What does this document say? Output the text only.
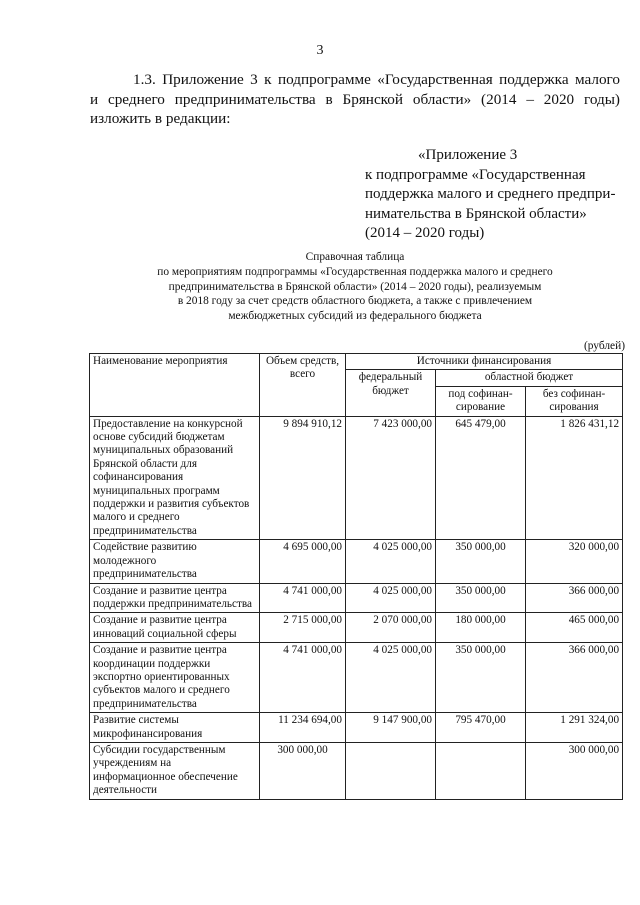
3
1.3. Приложение 3 к подпрограмме «Государственная поддержка малого
и среднего предпринимательства в Брянской области» (2014 – 2020 годы)
изложить в редакции:
«Приложение 3
к подпрограмме «Государственная
поддержка малого и среднего предпри-
нимательства в Брянской области»
(2014 – 2020 годы)
Справочная таблица
по мероприятиям подпрограммы «Государственная поддержка малого и среднего
предпринимательства в Брянской области» (2014 – 2020 годы), реализуемым
в 2018 году за счет средств областного бюджета, а также с привлечением
межбюджетных субсидий из федерального бюджета
(рублей)
Наименование мероприятия	Объем средств, всего	Источники финансирования		
		федеральный бюджет	областной бюджет	
			под софинан-сирование	без софинан-сирования
Предоставление на конкурсной основе субсидий бюджетам муниципальных образований Брянской области для софинансирования муниципальных программ поддержки и развития субъектов малого и среднего предпринимательства	9 894 910,12	7 423 000,00	645 479,00	1 826 431,12
Содействие развитию молодежного предпринимательства	4 695 000,00	4 025 000,00	350 000,00	320 000,00
Создание и развитие центра поддержки предпринимательства	4 741 000,00	4 025 000,00	350 000,00	366 000,00
Создание и развитие центра инноваций социальной сферы	2 715 000,00	2 070 000,00	180 000,00	465 000,00
Создание и развитие центра координации поддержки экспортно ориентированных субъектов малого и среднего предпринимательства	4 741 000,00	4 025 000,00	350 000,00	366 000,00
Развитие системы микрофинансирования	11 234 694,00	9 147 900,00	795 470,00	1 291 324,00
Субсидии государственным учреждениям на информационное обеспечение деятельности	300 000,00			300 000,00
